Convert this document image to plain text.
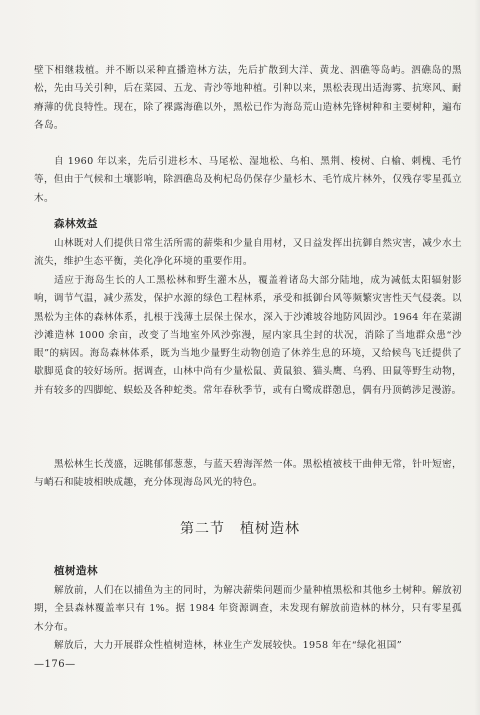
壁下相继栽植。并不断以采种直播造林方法，先后扩散到大洋、黄龙、泗礁等岛屿。泗礁岛的黑松，先由马关引种，后在菜园、五龙、青沙等地种植。引种以来，黑松表现出适海雾、抗寒风、耐瘠薄的优良特性。现在，除了裸露海礁以外，黑松已作为海岛荒山造林先锋树种和主要树种，遍布各岛。

自 1960 年以来，先后引进杉木、马尾松、湿地松、乌桕、黑荆、梭树、白榆、刺槐、毛竹等，但由于气候和土壤影响，除泗礁岛及枸杞岛仍保存少量杉木、毛竹成片林外，仅残存零星孤立木。

森林效益

山林既对人们提供日常生活所需的薪柴和少量自用材，又日益发挥出抗御自然灾害，减少水土流失，维护生态平衡，美化净化环境的重要作用。

适应于海岛生长的人工黑松林和野生灌木丛，覆盖着诸岛大部分陆地，成为减低太阳辐射影响，调节气温，减少蒸发，保护水源的绿色工程林系，承受和抵御台风等频繁灾害性天气侵袭。以黑松为主体的森林体系，扎根于浅薄土层保土保水，深入于沙滩坡谷地防风固沙。1964 年在菜湖沙滩造林 1000 余亩，改变了当地室外风沙弥漫，屋内家具尘封的状况，消除了当地群众患“沙眼”的病因。海岛森林体系，既为当地少量野生动物创造了休养生息的环境，又给候鸟飞迁提供了歇脚觅食的较好场所。据调查，山林中尚有少量松鼠、黄鼠狼、猫头鹰、乌鸦、田鼠等野生动物，并有较多的四脚蛇、蜈蚣及各种蛇类。常年春秋季节，或有白鹭成群憩息，偶有丹顶鹤涉足漫游。

黑松林生长茂盛，远眺郁郁葱葱，与蓝天碧海浑然一体。黑松植被枝干曲伸无常，针叶短密，与峭石和陡坡相映成趣，充分体现海岛风光的特色。

第二节　植树造林

植树造林

解放前，人们在以捕鱼为主的同时，为解决薪柴问题而少量种植黑松和其他乡土树种。解放初期，全县森林覆盖率只有 1%。据 1984 年资源调查，未发现有解放前造林的林分，只有零星孤木分布。

解放后，大力开展群众性植树造林，林业生产发展较快。1958 年在“绿化祖国”

—176—
